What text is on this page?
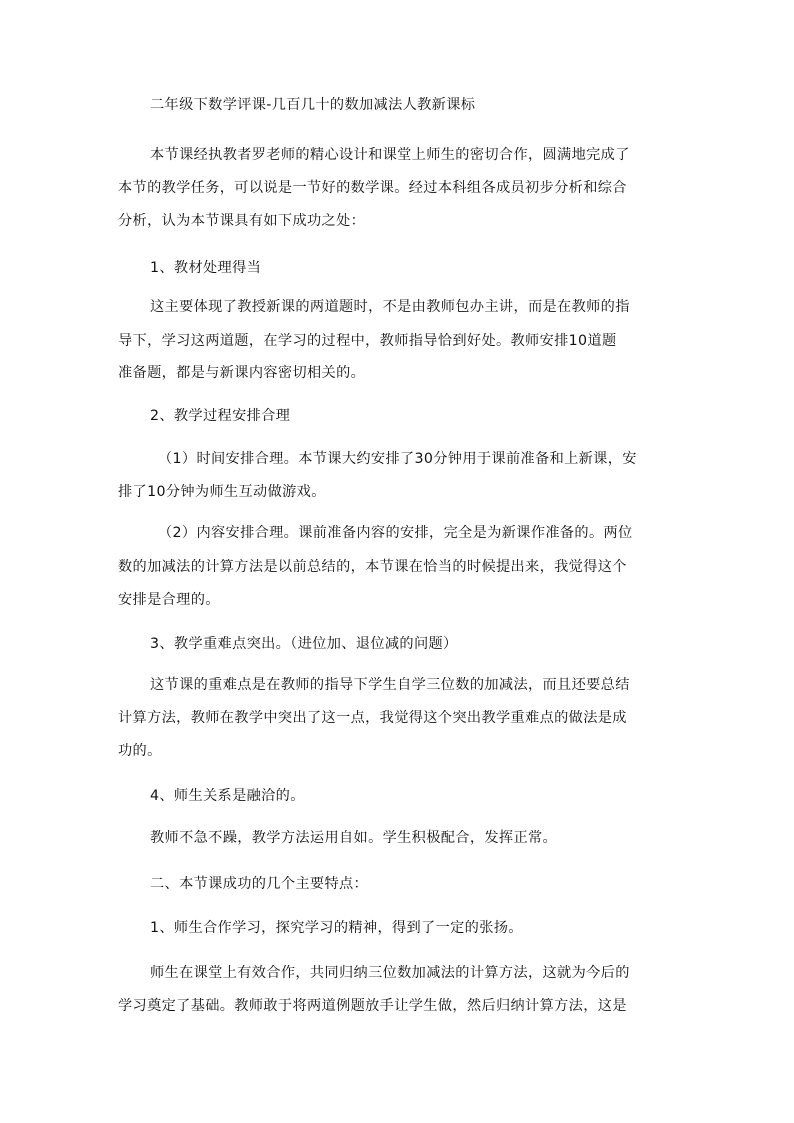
二年级下数学评课-几百几十的数加减法人教新课标
本节课经执教者罗老师的精心设计和课堂上师生的密切合作，圆满地完成了
本节的教学任务，可以说是一节好的数学课。经过本科组各成员初步分析和综合
分析，认为本节课具有如下成功之处：
1、教材处理得当
这主要体现了教授新课的两道题时，不是由教师包办主讲，而是在教师的指
导下，学习这两道题，在学习的过程中，教师指导恰到好处。教师安排10道题
准备题，都是与新课内容密切相关的。
2、教学过程安排合理
（1）时间安排合理。本节课大约安排了30分钟用于课前准备和上新课，安
排了10分钟为师生互动做游戏。
（2）内容安排合理。课前准备内容的安排，完全是为新课作准备的。两位
数的加减法的计算方法是以前总结的，本节课在恰当的时候提出来，我觉得这个
安排是合理的。
3、教学重难点突出。（进位加、退位减的问题）
这节课的重难点是在教师的指导下学生自学三位数的加减法，而且还要总结
计算方法，教师在教学中突出了这一点，我觉得这个突出教学重难点的做法是成
功的。
4、师生关系是融洽的。
教师不急不躁，教学方法运用自如。学生积极配合，发挥正常。
二、本节课成功的几个主要特点：
1、师生合作学习，探究学习的精神，得到了一定的张扬。
师生在课堂上有效合作，共同归纳三位数加减法的计算方法，这就为今后的
学习奠定了基础。教师敢于将两道例题放手让学生做，然后归纳计算方法，这是
